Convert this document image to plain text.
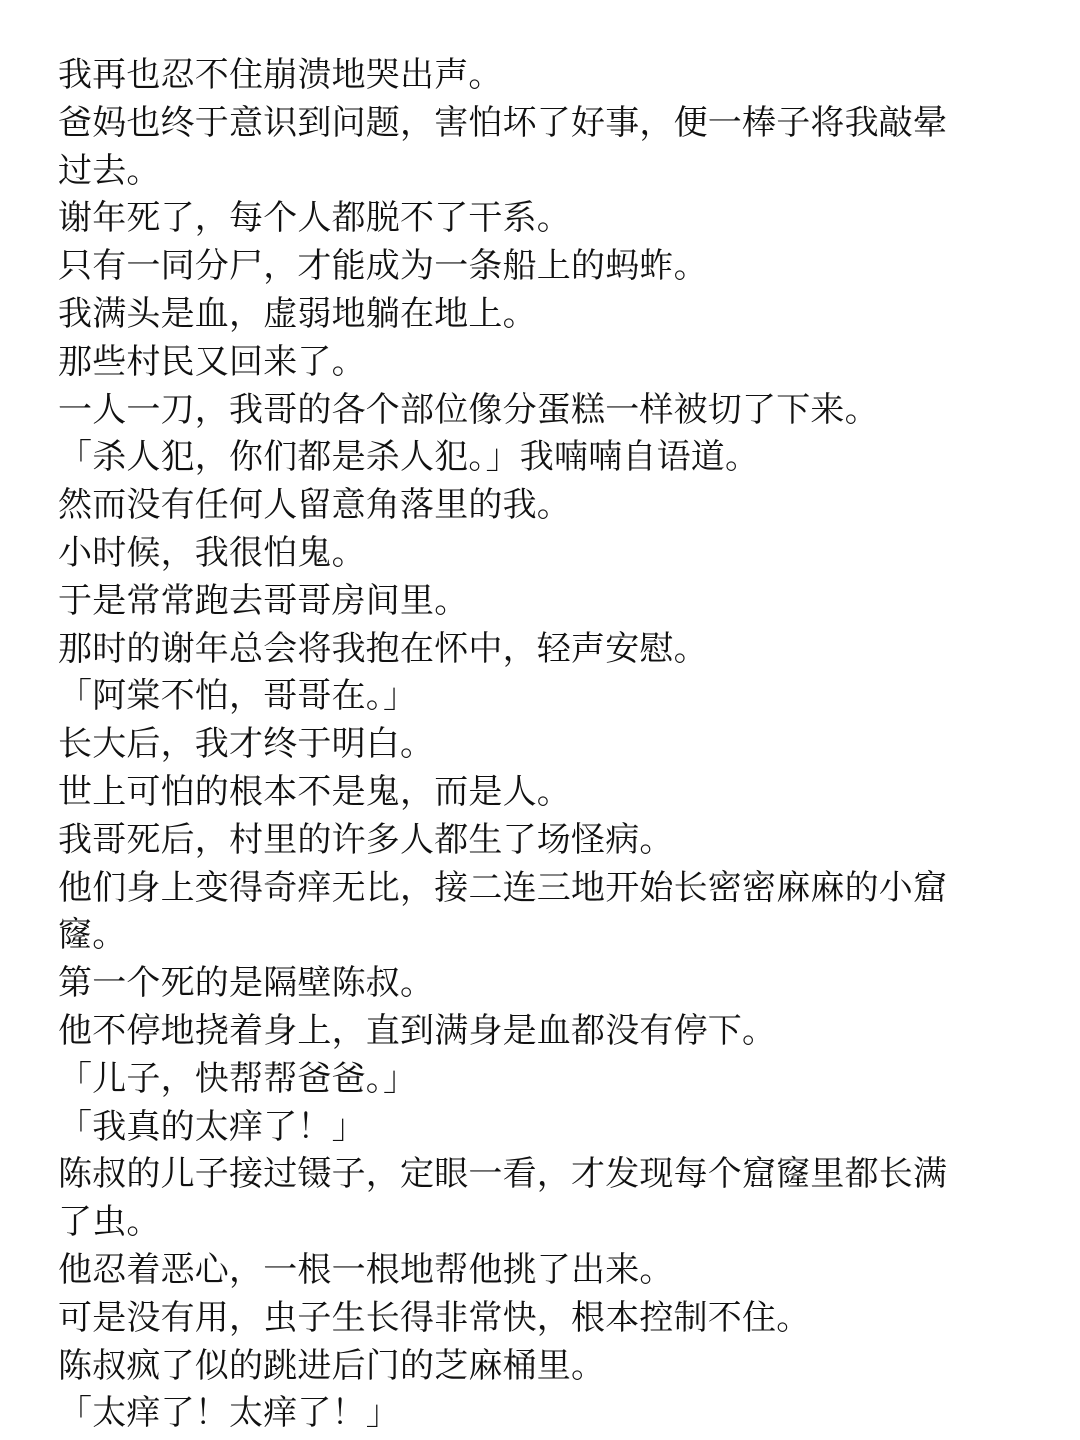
我再也忍不住崩溃地哭出声。
爸妈也终于意识到问题，害怕坏了好事，便一棒子将我敲晕
过去。
谢年死了，每个人都脱不了干系。
只有一同分尸，才能成为一条船上的蚂蚱。
我满头是血，虚弱地躺在地上。
那些村民又回来了。
一人一刀，我哥的各个部位像分蛋糕一样被切了下来。
「杀人犯，你们都是杀人犯。」我喃喃自语道。
然而没有任何人留意角落里的我。
小时候，我很怕鬼。
于是常常跑去哥哥房间里。
那时的谢年总会将我抱在怀中，轻声安慰。
「阿棠不怕，哥哥在。」
长大后，我才终于明白。
世上可怕的根本不是鬼，而是人。
我哥死后，村里的许多人都生了场怪病。
他们身上变得奇痒无比，接二连三地开始长密密麻麻的小窟
窿。
第一个死的是隔壁陈叔。
他不停地挠着身上，直到满身是血都没有停下。
「儿子，快帮帮爸爸。」
「我真的太痒了！」
陈叔的儿子接过镊子，定眼一看，才发现每个窟窿里都长满
了虫。
他忍着恶心，一根一根地帮他挑了出来。
可是没有用，虫子生长得非常快，根本控制不住。
陈叔疯了似的跳进后门的芝麻桶里。
「太痒了！太痒了！」
